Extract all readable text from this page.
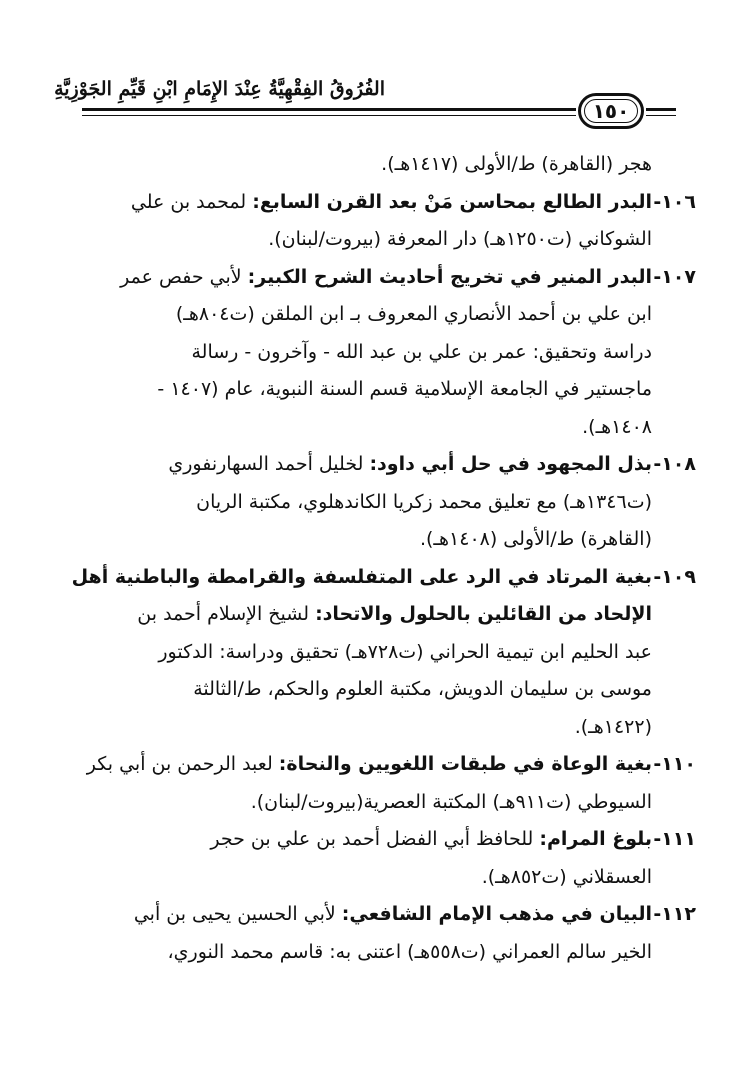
الفُرُوقُ الفِقْهِيَّةُ عِنْدَ الإِمَامِ ابْنِ قَيِّمِ الجَوْزِيَّةِ
١٥٠
هجر (القاهرة) ط/الأولى (١٤١٧هـ).
١٠٦-
البدر الطالع بمحاسن مَنْ بعد القرن السابع: لمحمد بن علي
الشوكاني (ت١٢٥٠هـ) دار المعرفة (بيروت/لبنان).
١٠٧-
البدر المنير في تخريج أحاديث الشرح الكبير: لأبي حفص عمر
ابن علي بن أحمد الأنصاري المعروف بـ ابن الملقن (ت٨٠٤هـ)
دراسة وتحقيق: عمر بن علي بن عبد الله - وآخرون - رسالة
ماجستير في الجامعة الإسلامية قسم السنة النبوية، عام (١٤٠٧ -
١٤٠٨هـ).
١٠٨-
بذل المجهود في حل أبي داود: لخليل أحمد السهارنفوري
(ت١٣٤٦هـ) مع تعليق محمد زكريا الكاندهلوي، مكتبة الريان
(القاهرة) ط/الأولى (١٤٠٨هـ).
١٠٩-
بغية المرتاد في الرد على المتفلسفة والقرامطة والباطنية أهل
الإلحاد من القائلين بالحلول والاتحاد: لشيخ الإسلام أحمد بن
عبد الحليم ابن تيمية الحراني (ت٧٢٨هـ) تحقيق ودراسة: الدكتور
موسى بن سليمان الدويش، مكتبة العلوم والحكم، ط/الثالثة
(١٤٢٢هـ).
١١٠-
بغية الوعاة في طبقات اللغويين والنحاة: لعبد الرحمن بن أبي بكر
السيوطي (ت٩١١هـ) المكتبة العصرية(بيروت/لبنان).
١١١-
بلوغ المرام: للحافظ أبي الفضل أحمد بن علي بن حجر
العسقلاني (ت٨٥٢هـ).
١١٢-
البيان في مذهب الإمام الشافعي: لأبي الحسين يحيى بن أبي
الخير سالم العمراني (ت٥٥٨هـ) اعتنى به: قاسم محمد النوري،
